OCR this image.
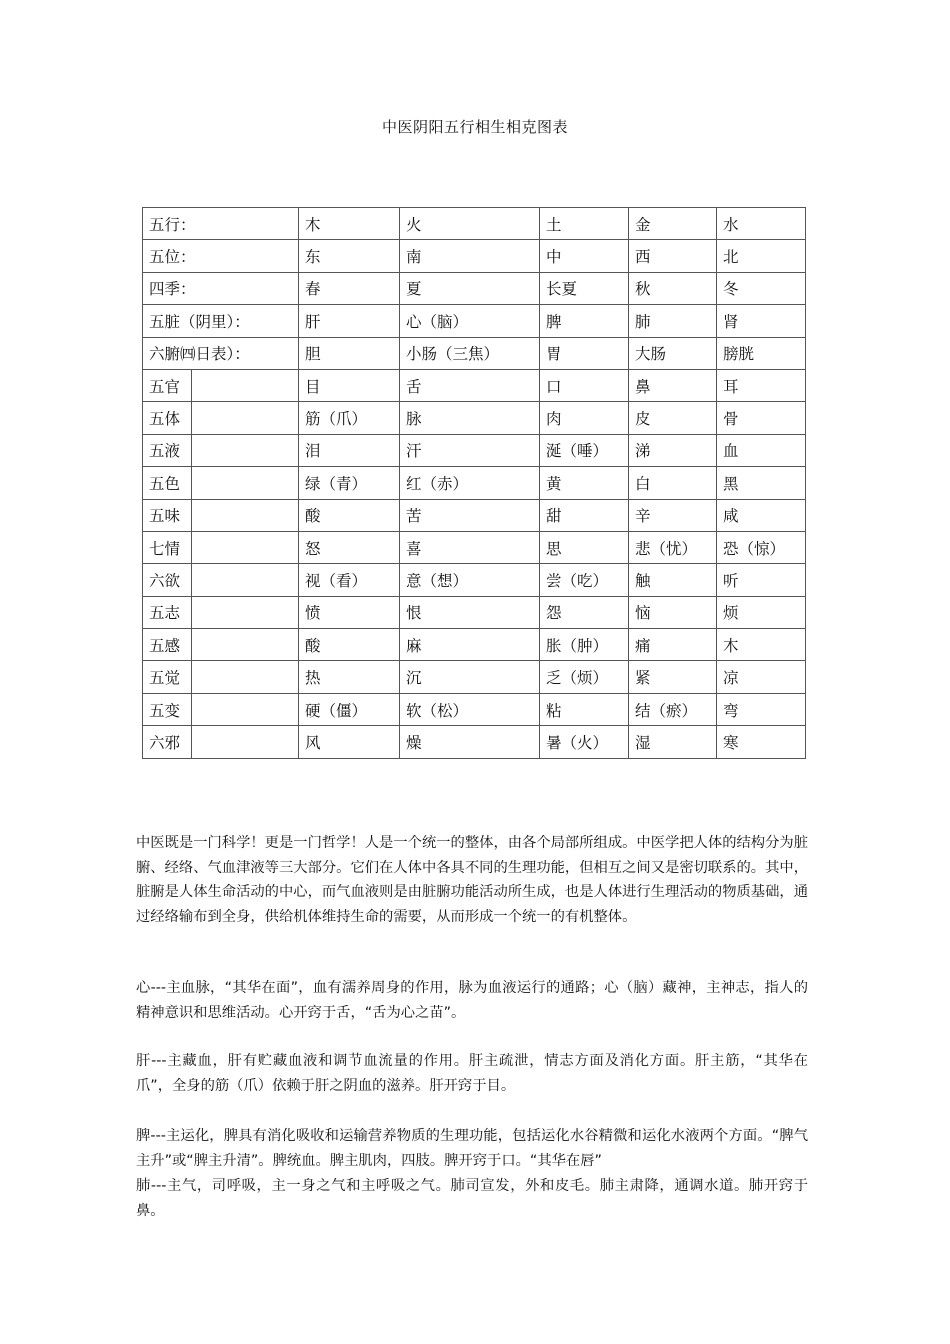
中医阴阳五行相生相克图表
五行：		木	火	土	金	水
五位：		东	南	中	西	北
四季：		春	夏	长夏	秋	冬
五脏（阴里）：		肝	心（脑）	脾	肺	肾
六腑㈣日表）：		胆	小肠（三焦）	胃	大肠	膀胱
五官		目	舌	口	鼻	耳
五体		筋（爪）	脉	肉	皮	骨
五液		泪	汗	涎（唾）	涕	血
五色		绿（青）	红（赤）	黄	白	黑
五味		酸	苦	甜	辛	咸
七情		怒	喜	思	悲（忧）	恐（惊）
六欲		视（看）	意（想）	尝（吃）	触	听
五志		愤	恨	怨	恼	烦
五感		酸	麻	胀（肿）	痛	木
五觉		热	沉	乏（烦）	紧	凉
五变		硬（僵）	软（松）	粘	结（瘀）	弯
六邪		风	燥	暑（火）	湿	寒

中医既是一门科学！更是一门哲学！人是一个统一的整体，由各个局部所组成。中医学把人体的结构分为脏腑、经络、气血津液等三大部分。它们在人体中各具不同的生理功能，但相互之间又是密切联系的。其中，脏腑是人体生命活动的中心，而气血液则是由脏腑功能活动所生成，也是人体进行生理活动的物质基础，通过经络输布到全身，供给机体维持生命的需要，从而形成一个统一的有机整体。

心---主血脉，“其华在面”，血有濡养周身的作用，脉为血液运行的通路；心（脑）藏神，主神志，指人的精神意识和思维活动。心开窍于舌，“舌为心之苗”。

肝---主藏血，肝有贮藏血液和调节血流量的作用。肝主疏泄，情志方面及消化方面。肝主筋，“其华在爪”，全身的筋（爪）依赖于肝之阴血的滋养。肝开窍于目。

脾---主运化，脾具有消化吸收和运输营养物质的生理功能，包括运化水谷精微和运化水液两个方面。“脾气主升”或“脾主升清”。脾统血。脾主肌肉，四肢。脾开窍于口。“其华在唇”

肺---主气，司呼吸，主一身之气和主呼吸之气。肺司宣发，外和皮毛。肺主肃降，通调水道。肺开窍于鼻。
